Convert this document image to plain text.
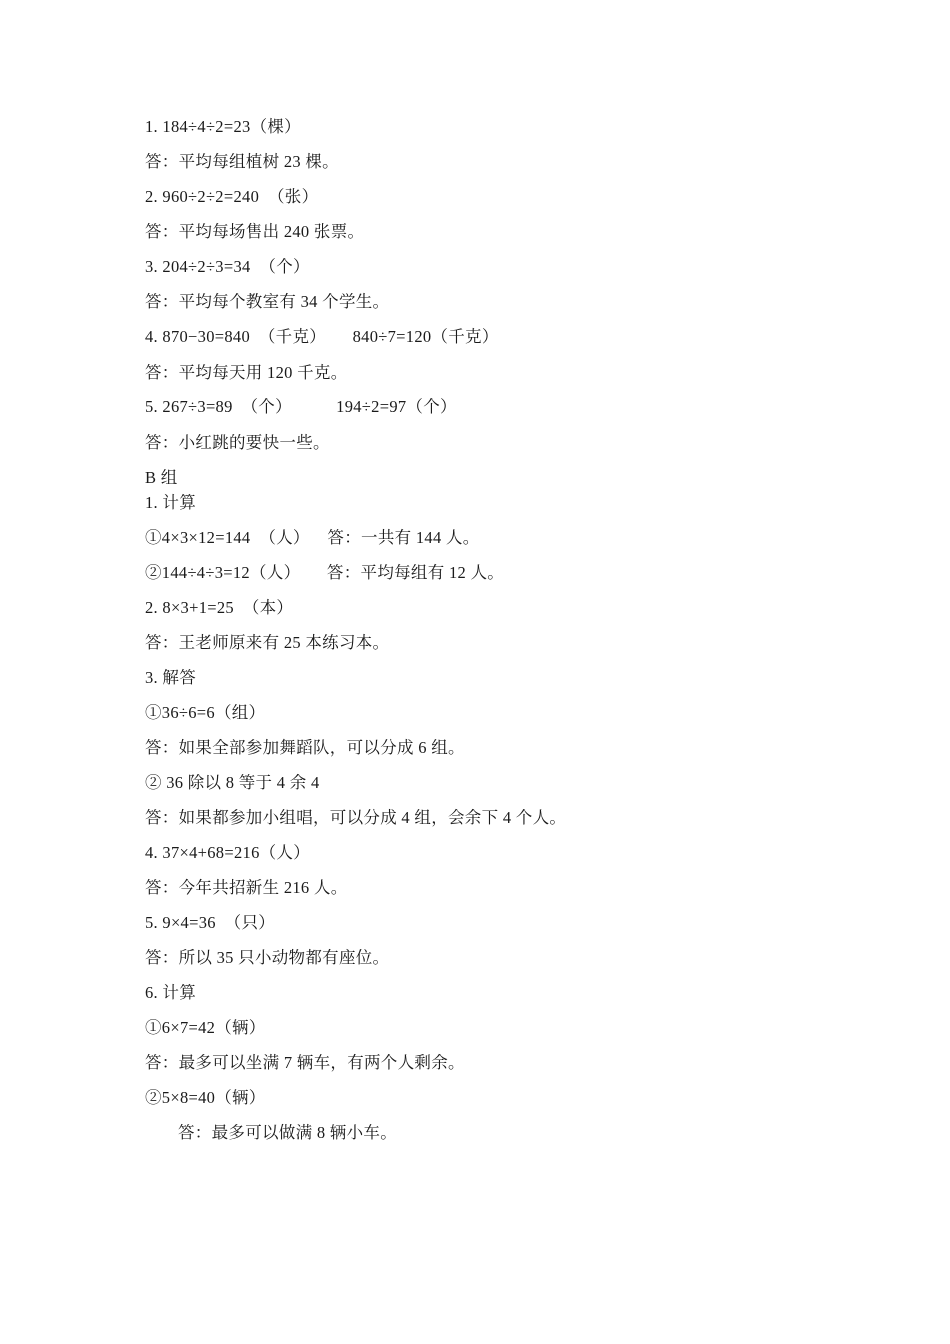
1. 184÷4÷2=23（棵）
答：平均每组植树 23 棵。
2. 960÷2÷2=240  （张）
答：平均每场售出 240 张票。
3. 204÷2÷3=34  （个）
答：平均每个教室有 34 个学生。
4. 870−30=840  （千克）      840÷7=120（千克）
答：平均每天用 120 千克。
5. 267÷3=89  （个）          194÷2=97（个）
答：小红跳的要快一些。
B 组
1. 计算
①4×3×12=144  （人）    答：一共有 144 人。
②144÷4÷3=12（人）      答：平均每组有 12 人。
2. 8×3+1=25  （本）
答：王老师原来有 25 本练习本。
3. 解答
①36÷6=6（组）
答：如果全部参加舞蹈队，可以分成 6 组。
② 36 除以 8 等于 4 余 4
答：如果都参加小组唱，可以分成 4 组，会余下 4 个人。
4. 37×4+68=216（人）
答：今年共招新生 216 人。
5. 9×4=36  （只）
答：所以 35 只小动物都有座位。
6. 计算
①6×7=42（辆）
答：最多可以坐满 7 辆车，有两个人剩余。
②5×8=40（辆）
答：最多可以做满 8 辆小车。
